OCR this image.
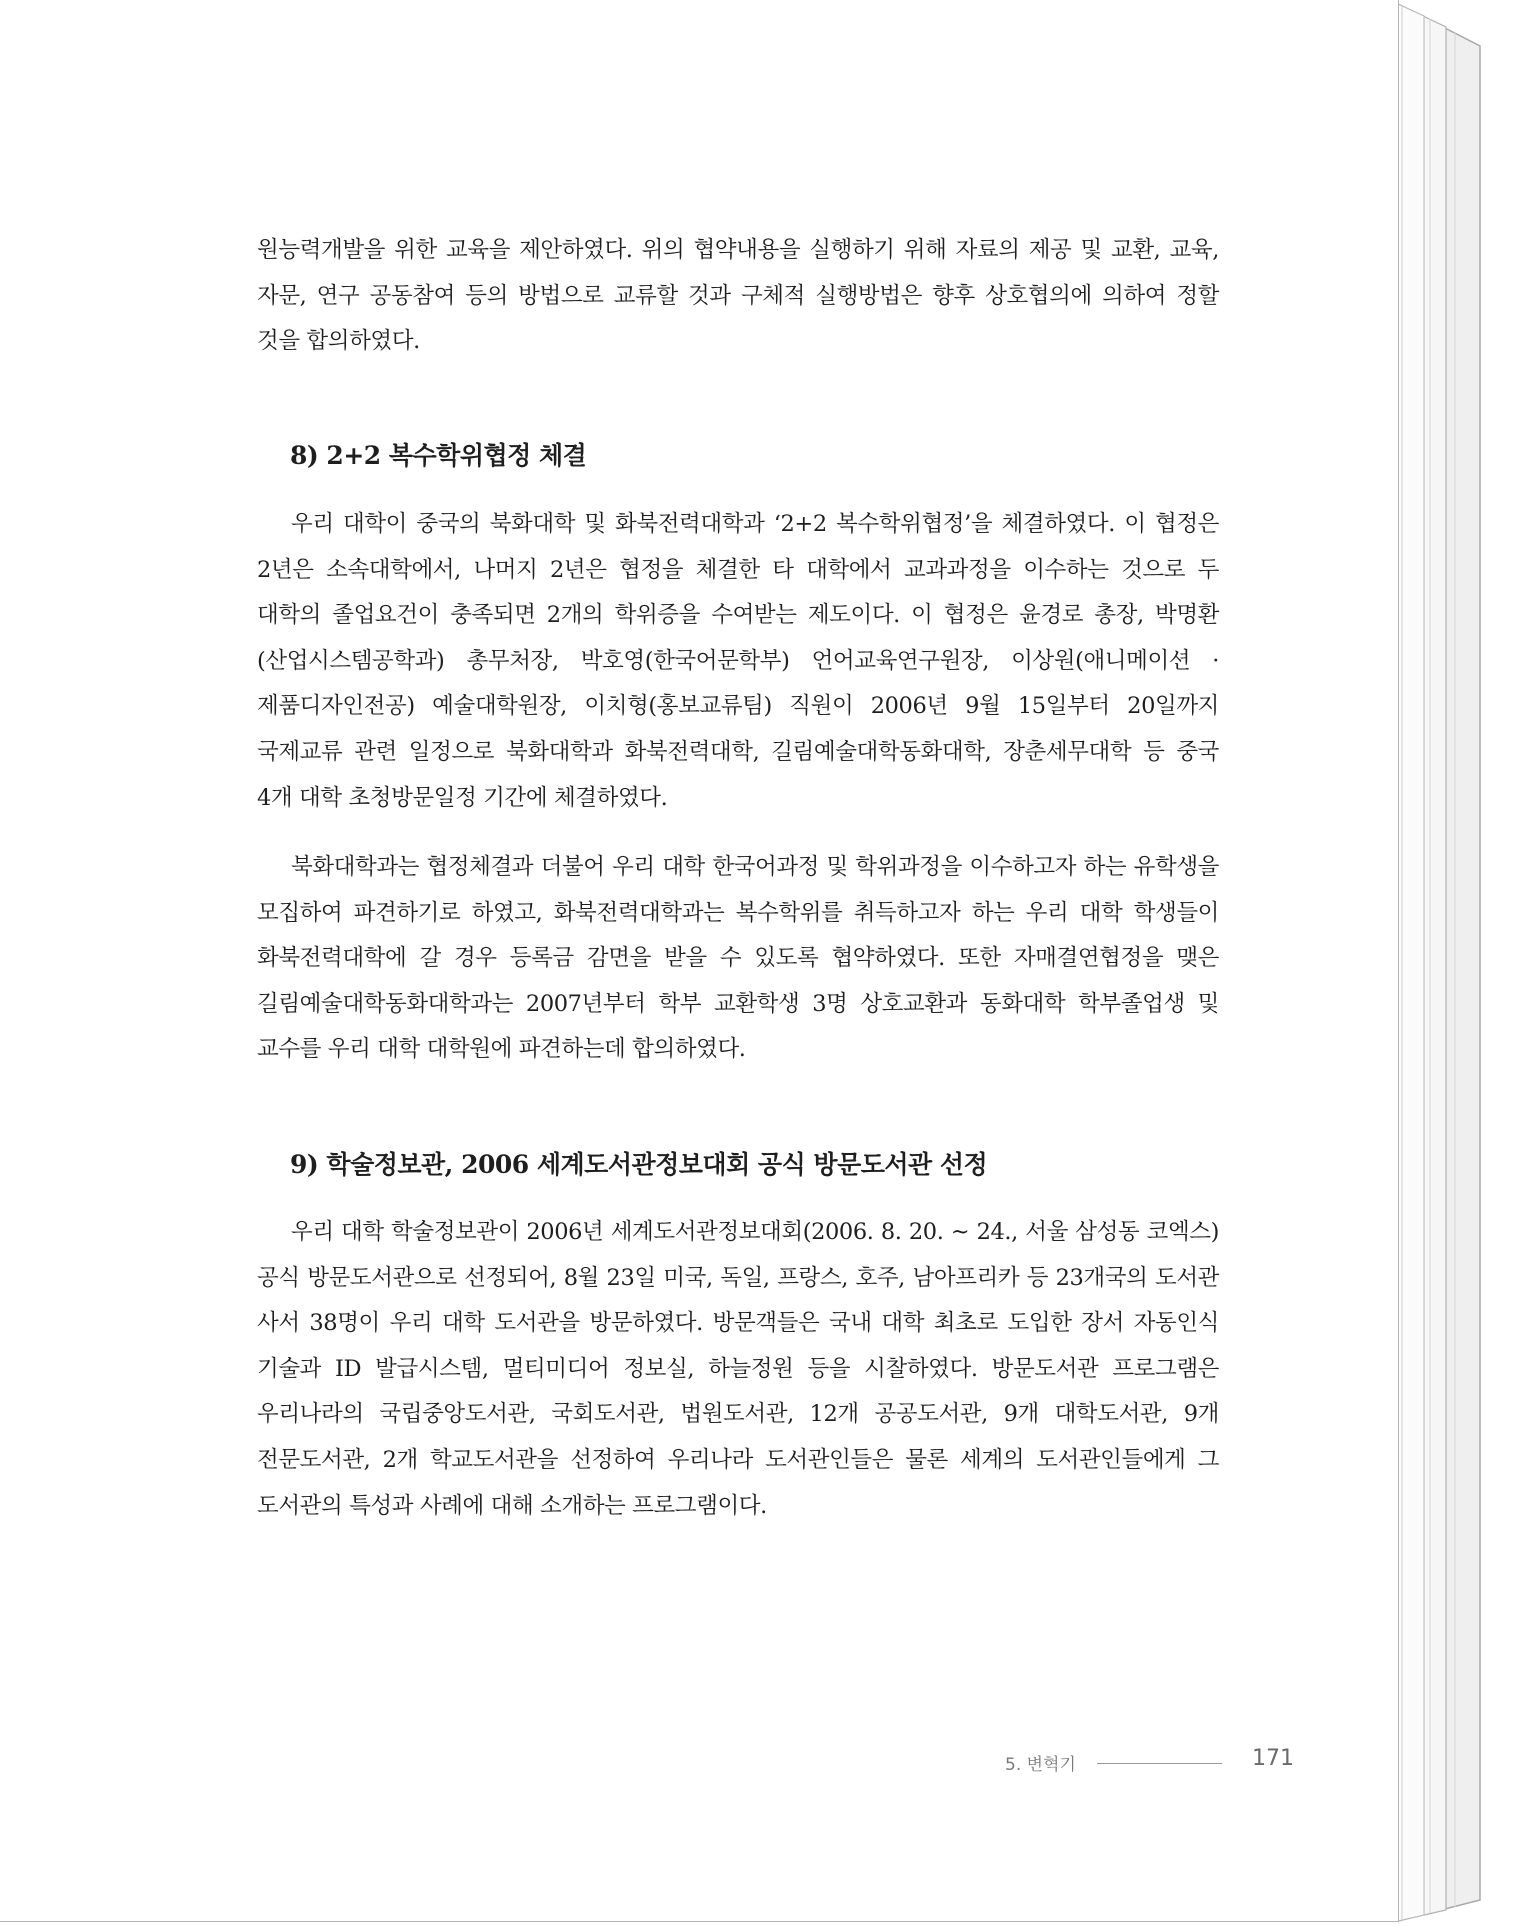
원능력개발을 위한 교육을 제안하였다. 위의 협약내용을 실행하기 위해 자료의 제공 및 교환, 교육, 자문, 연구 공동참여 등의 방법으로 교류할 것과 구체적 실행방법은 향후 상호협의에 의하여 정할 것을 합의하였다.

8) 2+2 복수학위협정 체결

우리 대학이 중국의 북화대학 및 화북전력대학과 ‘2+2 복수학위협정’을 체결하였다. 이 협정은 2년은 소속대학에서, 나머지 2년은 협정을 체결한 타 대학에서 교과과정을 이수하는 것으로 두 대학의 졸업요건이 충족되면 2개의 학위증을 수여받는 제도이다. 이 협정은 윤경로 총장, 박명환(산업시스템공학과) 총무처장, 박호영(한국어문학부) 언어교육연구원장, 이상원(애니메이션 · 제품디자인전공) 예술대학원장, 이치형(홍보교류팀) 직원이 2006년 9월 15일부터 20일까지 국제교류 관련 일정으로 북화대학과 화북전력대학, 길림예술대학동화대학, 장춘세무대학 등 중국 4개 대학 초청방문일정 기간에 체결하였다.

북화대학과는 협정체결과 더불어 우리 대학 한국어과정 및 학위과정을 이수하고자 하는 유학생을 모집하여 파견하기로 하였고, 화북전력대학과는 복수학위를 취득하고자 하는 우리 대학 학생들이 화북전력대학에 갈 경우 등록금 감면을 받을 수 있도록 협약하였다. 또한 자매결연협정을 맺은 길림예술대학동화대학과는 2007년부터 학부 교환학생 3명 상호교환과 동화대학 학부졸업생 및 교수를 우리 대학 대학원에 파견하는데 합의하였다.

9) 학술정보관, 2006 세계도서관정보대회 공식 방문도서관 선정

우리 대학 학술정보관이 2006년 세계도서관정보대회(2006. 8. 20. ~ 24., 서울 삼성동 코엑스) 공식 방문도서관으로 선정되어, 8월 23일 미국, 독일, 프랑스, 호주, 남아프리카 등 23개국의 도서관 사서 38명이 우리 대학 도서관을 방문하였다. 방문객들은 국내 대학 최초로 도입한 장서 자동인식 기술과 ID 발급시스템, 멀티미디어 정보실, 하늘정원 등을 시찰하였다. 방문도서관 프로그램은 우리나라의 국립중앙도서관, 국회도서관, 법원도서관, 12개 공공도서관, 9개 대학도서관, 9개 전문도서관, 2개 학교도서관을 선정하여 우리나라 도서관인들은 물론 세계의 도서관인들에게 그 도서관의 특성과 사례에 대해 소개하는 프로그램이다.

5. 변혁기	171
